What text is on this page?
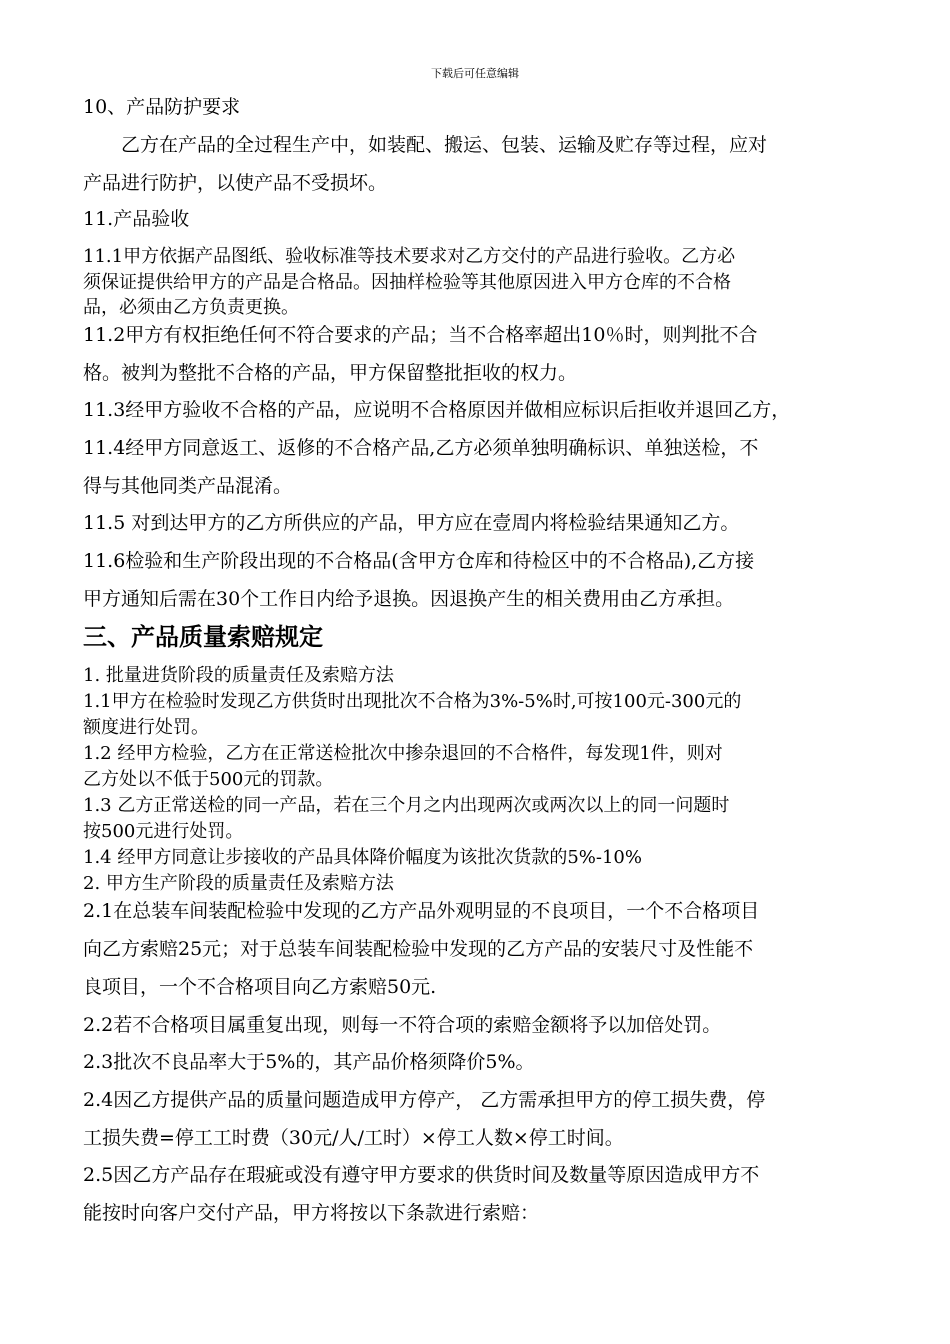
下载后可任意编辑
10、产品防护要求
　　乙方在产品的全过程生产中，如装配、搬运、包装、运输及贮存等过程，应对
产品进行防护，以使产品不受损坏。
11.产品验收
11.1甲方依据产品图纸、验收标准等技术要求对乙方交付的产品进行验收。乙方必
须保证提供给甲方的产品是合格品。因抽样检验等其他原因进入甲方仓库的不合格
品，必须由乙方负责更换。
11.2甲方有权拒绝任何不符合要求的产品；当不合格率超出10％时，则判批不合
格。被判为整批不合格的产品，甲方保留整批拒收的权力。
11.3经甲方验收不合格的产品，应说明不合格原因并做相应标识后拒收并退回乙方，
11.4经甲方同意返工、返修的不合格产品,乙方必须单独明确标识、单独送检，不
得与其他同类产品混淆。
11.5 对到达甲方的乙方所供应的产品，甲方应在壹周内将检验结果通知乙方。
11.6检验和生产阶段出现的不合格品(含甲方仓库和待检区中的不合格品),乙方接
甲方通知后需在30个工作日内给予退换。因退换产生的相关费用由乙方承担。
三、产品质量索赔规定
1. 批量进货阶段的质量责任及索赔方法
1.1甲方在检验时发现乙方供货时出现批次不合格为3%-5%时,可按100元-300元的
额度进行处罚。
1.2 经甲方检验，乙方在正常送检批次中掺杂退回的不合格件，每发现1件，则对
乙方处以不低于500元的罚款。
1.3 乙方正常送检的同一产品，若在三个月之内出现两次或两次以上的同一问题时
按500元进行处罚。
1.4 经甲方同意让步接收的产品具体降价幅度为该批次货款的5%-10%
2. 甲方生产阶段的质量责任及索赔方法
2.1在总装车间装配检验中发现的乙方产品外观明显的不良项目，一个不合格项目
向乙方索赔25元；对于总装车间装配检验中发现的乙方产品的安装尺寸及性能不
良项目，一个不合格项目向乙方索赔50元.
2.2若不合格项目属重复出现，则每一不符合项的索赔金额将予以加倍处罚。
2.3批次不良品率大于5%的，其产品价格须降价5%。
2.4因乙方提供产品的质量问题造成甲方停产， 乙方需承担甲方的停工损失费，停
工损失费=停工工时费（30元/人/工时）×停工人数×停工时间。
2.5因乙方产品存在瑕疵或没有遵守甲方要求的供货时间及数量等原因造成甲方不
能按时向客户交付产品，甲方将按以下条款进行索赔：
